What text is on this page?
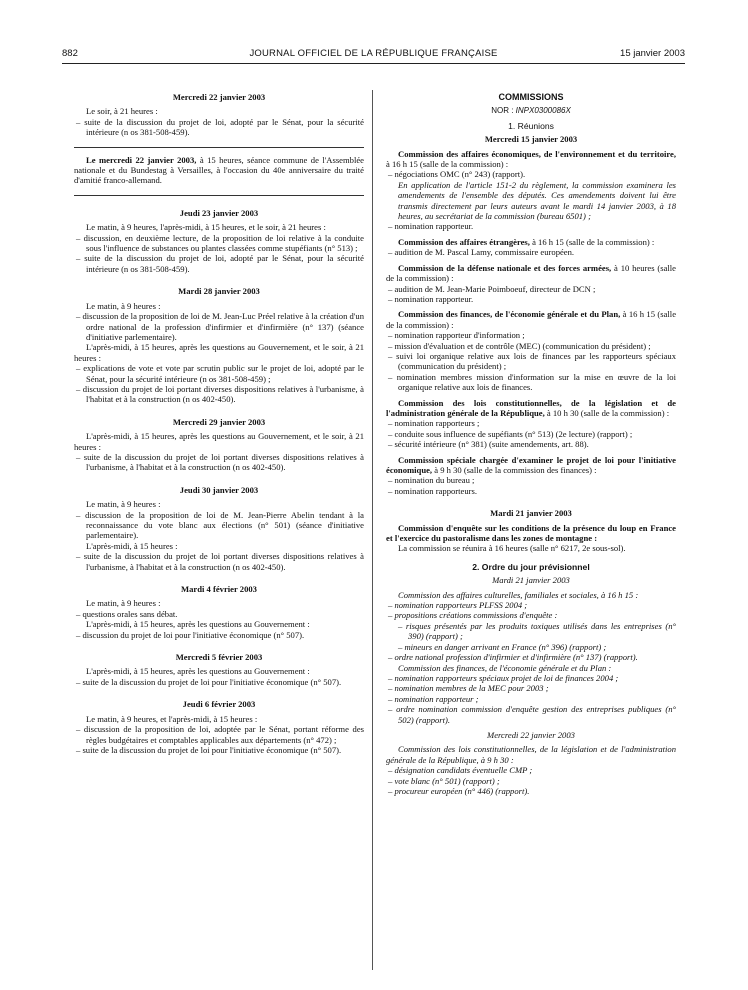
882	JOURNAL OFFICIEL DE LA RÉPUBLIQUE FRANÇAISE	15 janvier 2003

Mercredi 22 janvier 2003

Le soir, à 21 heures :

– suite de la discussion du projet de loi, adopté par le Sénat, pour la sécurité intérieure (n os 381-508-459).

Le mercredi 22 janvier 2003, à 15 heures, séance commune de l'Assemblée nationale et du Bundestag à Versailles, à l'occasion du 40e anniversaire du traité d'amitié franco-allemand.

Jeudi 23 janvier 2003

Le matin, à 9 heures, l'après-midi, à 15 heures, et le soir, à 21 heures :

– discussion, en deuxième lecture, de la proposition de loi relative à la conduite sous l'influence de substances ou plantes classées comme stupéfiants (n° 513) ;

– suite de la discussion du projet de loi, adopté par le Sénat, pour la sécurité intérieure (n os 381-508-459).

Mardi 28 janvier 2003

Le matin, à 9 heures :

– discussion de la proposition de loi de M. Jean-Luc Préel relative à la création d'un ordre national de la profession d'infirmier et d'infirmière (n° 137) (séance d'initiative parlementaire).

L'après-midi, à 15 heures, après les questions au Gouvernement, et le soir, à 21 heures :

– explications de vote et vote par scrutin public sur le projet de loi, adopté par le Sénat, pour la sécurité intérieure (n os 381-508-459) ;

– discussion du projet de loi portant diverses dispositions relatives à l'urbanisme, à l'habitat et à la construction (n os 402-450).

Mercredi 29 janvier 2003

L'après-midi, à 15 heures, après les questions au Gouvernement, et le soir, à 21 heures :

– suite de la discussion du projet de loi portant diverses dispositions relatives à l'urbanisme, à l'habitat et à la construction (n os 402-450).

Jeudi 30 janvier 2003

Le matin, à 9 heures :

– discussion de la proposition de loi de M. Jean-Pierre Abelin tendant à la reconnaissance du vote blanc aux élections (n° 501) (séance d'initiative parlementaire).

L'après-midi, à 15 heures :

– suite de la discussion du projet de loi portant diverses dispositions relatives à l'urbanisme, à l'habitat et à la construction (n os 402-450).

Mardi 4 février 2003

Le matin, à 9 heures :

– questions orales sans débat.

L'après-midi, à 15 heures, après les questions au Gouvernement :

– discussion du projet de loi pour l'initiative économique (n° 507).

Mercredi 5 février 2003

L'après-midi, à 15 heures, après les questions au Gouvernement :

– suite de la discussion du projet de loi pour l'initiative économique (n° 507).

Jeudi 6 février 2003

Le matin, à 9 heures, et l'après-midi, à 15 heures :

– discussion de la proposition de loi, adoptée par le Sénat, portant réforme des règles budgétaires et comptables applicables aux départements (n° 472) ;

– suite de la discussion du projet de loi pour l'initiative économique (n° 507).

COMMISSIONS

NOR : INPX0300086X

1. Réunions

Mercredi 15 janvier 2003

Commission des affaires économiques, de l'environnement et du territoire, à 16 h 15 (salle de la commission) :

– négociations OMC (n° 243) (rapport).

En application de l'article 151-2 du règlement, la commission examinera les amendements de l'ensemble des députés. Ces amendements doivent lui être transmis directement par leurs auteurs avant le mardi 14 janvier 2003, à 18 heures, au secrétariat de la commission (bureau 6501) ;

– nomination rapporteur.

Commission des affaires étrangères, à 16 h 15 (salle de la commission) :

– audition de M. Pascal Lamy, commissaire européen.

Commission de la défense nationale et des forces armées, à 10 heures (salle de la commission) :

– audition de M. Jean-Marie Poimboeuf, directeur de DCN ;

– nomination rapporteur.

Commission des finances, de l'économie générale et du Plan, à 16 h 15 (salle de la commission) :

– nomination rapporteur d'information ;

– mission d'évaluation et de contrôle (MEC) (communication du président) ;

– suivi loi organique relative aux lois de finances par les rapporteurs spéciaux (communication du président) ;

– nomination membres mission d'information sur la mise en œuvre de la loi organique relative aux lois de finances.

Commission des lois constitutionnelles, de la législation et de l'administration générale de la République, à 10 h 30 (salle de la commission) :

– nomination rapporteurs ;

– conduite sous influence de supéfiants (n° 513) (2e lecture) (rapport) ;

– sécurité intérieure (n° 381) (suite amendements, art. 88).

Commission spéciale chargée d'examiner le projet de loi pour l'initiative économique, à 9 h 30 (salle de la commission des finances) :

– nomination du bureau ;

– nomination rapporteurs.

Mardi 21 janvier 2003

Commission d'enquête sur les conditions de la présence du loup en France et l'exercice du pastoralisme dans les zones de montagne :

La commission se réunira à 16 heures (salle n° 6217, 2e sous-sol).

2. Ordre du jour prévisionnel

Mardi 21 janvier 2003

Commission des affaires culturelles, familiales et sociales, à 16 h 15 :

– nomination rapporteurs PLFSS 2004 ;

– propositions créations commissions d'enquête :

– risques présentés par les produits toxiques utilisés dans les entreprises (n° 390) (rapport) ;

– mineurs en danger arrivant en France (n° 396) (rapport) ;

– ordre national profession d'infirmier et d'infirmière (n° 137) (rapport).

Commission des finances, de l'économie générale et du Plan :

– nomination rapporteurs spéciaux projet de loi de finances 2004 ;

– nomination membres de la MEC pour 2003 ;

– nomination rapporteur ;

– ordre nomination commission d'enquête gestion des entreprises publiques (n° 502) (rapport).

Mercredi 22 janvier 2003

Commission des lois constitutionnelles, de la législation et de l'administration générale de la République, à 9 h 30 :

– désignation candidats éventuelle CMP ;

– vote blanc (n° 501) (rapport) ;

– procureur européen (n° 446) (rapport).
